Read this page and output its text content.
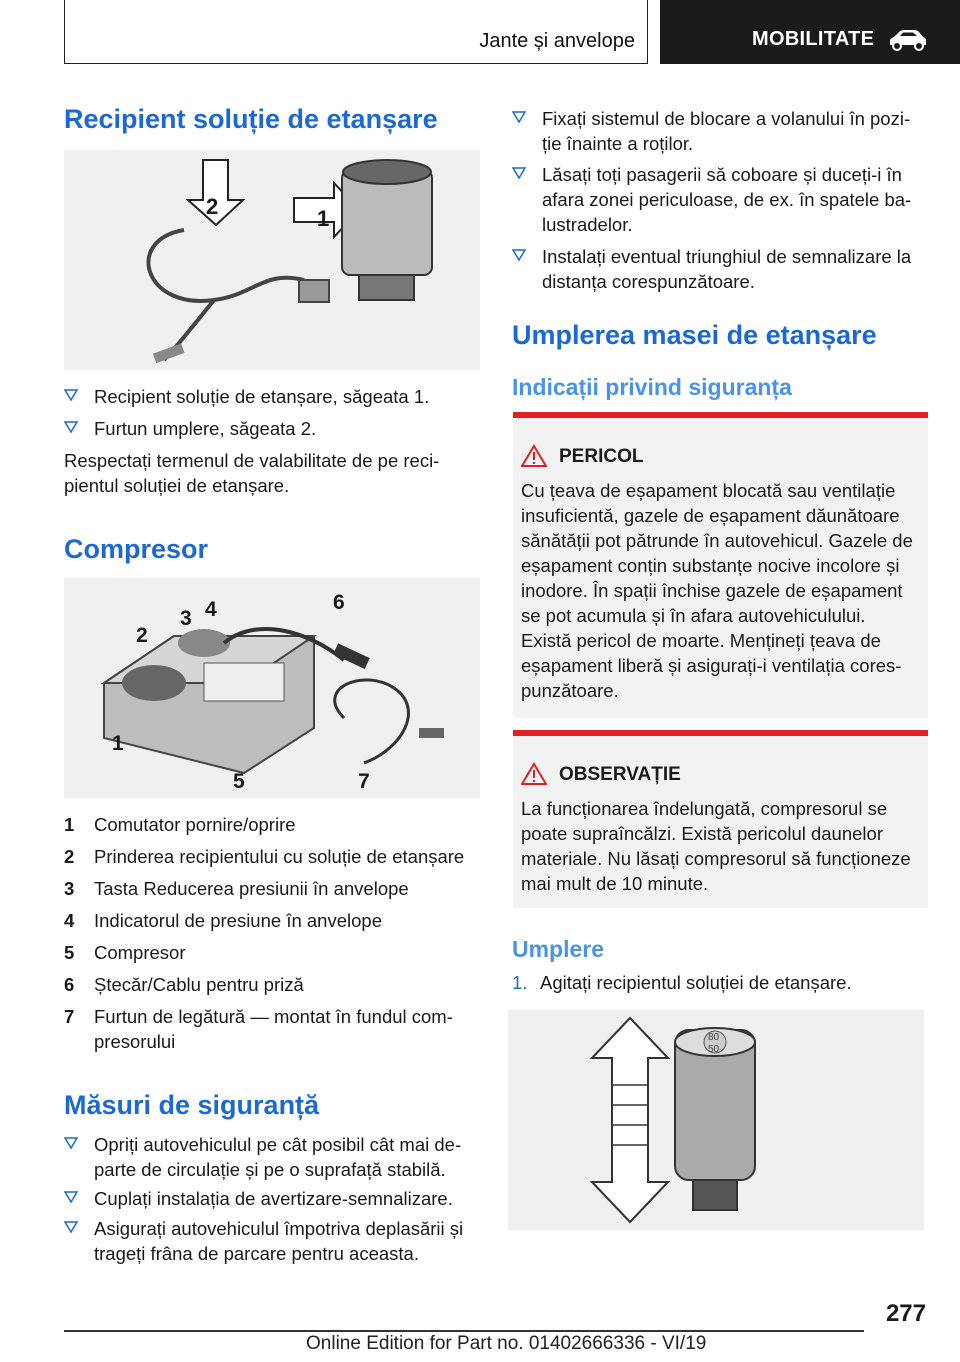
Jante și anvelope	MOBILITATE
Recipient soluție de etanșare
2	1
Recipient soluție de etanșare, săgeata 1.
Furtun umplere, săgeata 2.

Respectați termenul de valabilitate de pe reci‐

pientul soluției de etanșare.

Compresor
2
3 4	6
1
5	7
1 Comutator pornire/oprire
2 Prinderea recipientului cu soluție de etanșare
3 Tasta Reducerea presiunii în anvelope
4 Indicatorul de presiune în anvelope
5 Compresor
6 Ștecăr/Cablu pentru priză
7 Furtun de legătură — montat în fundul com‐
presorului
Măsuri de siguranță
Opriți autovehiculul pe cât posibil cât mai de‐
parte de circulație și pe o suprafață stabilă.
Cuplați instalația de avertizare-semnalizare.
Asigurați autovehiculul împotriva deplasării și
trageți frâna de parcare pentru aceasta.
Fixați sistemul de blocare a volanului în pozi‐
ție înainte a roților.
Lăsați toți pasagerii să coboare și duceți-i în
afara zonei periculoase, de ex. în spatele ba‐
lustradelor.
Instalați eventual triunghiul de semnalizare la
distanța corespunzătoare.
Umplerea masei de etanșare
Indicații privind siguranța
PERICOL
Cu țeava de eșapament blocată sau ventilație
insuficientă, gazele de eșapament dăunătoare
sănătății pot pătrunde în autovehicul. Gazele de
eșapament conțin substanțe nocive incolore și
inodore. În spații închise gazele de eșapament
se pot acumula și în afara autovehiculului.
Există pericol de moarte. Mențineți țeava de
eșapament liberă și asigurați-i ventilația cores‐
punzătoare.
OBSERVAȚIE
La funcționarea îndelungată, compresorul se
poate supraîncălzi. Există pericolul daunelor
materiale. Nu lăsați compresorul să funcționeze
mai mult de 10 minute.
Umplere
1. Agitați recipientul soluției de etanșare.
80
50
277
Online Edition for Part no. 01402666336 - VI/19
